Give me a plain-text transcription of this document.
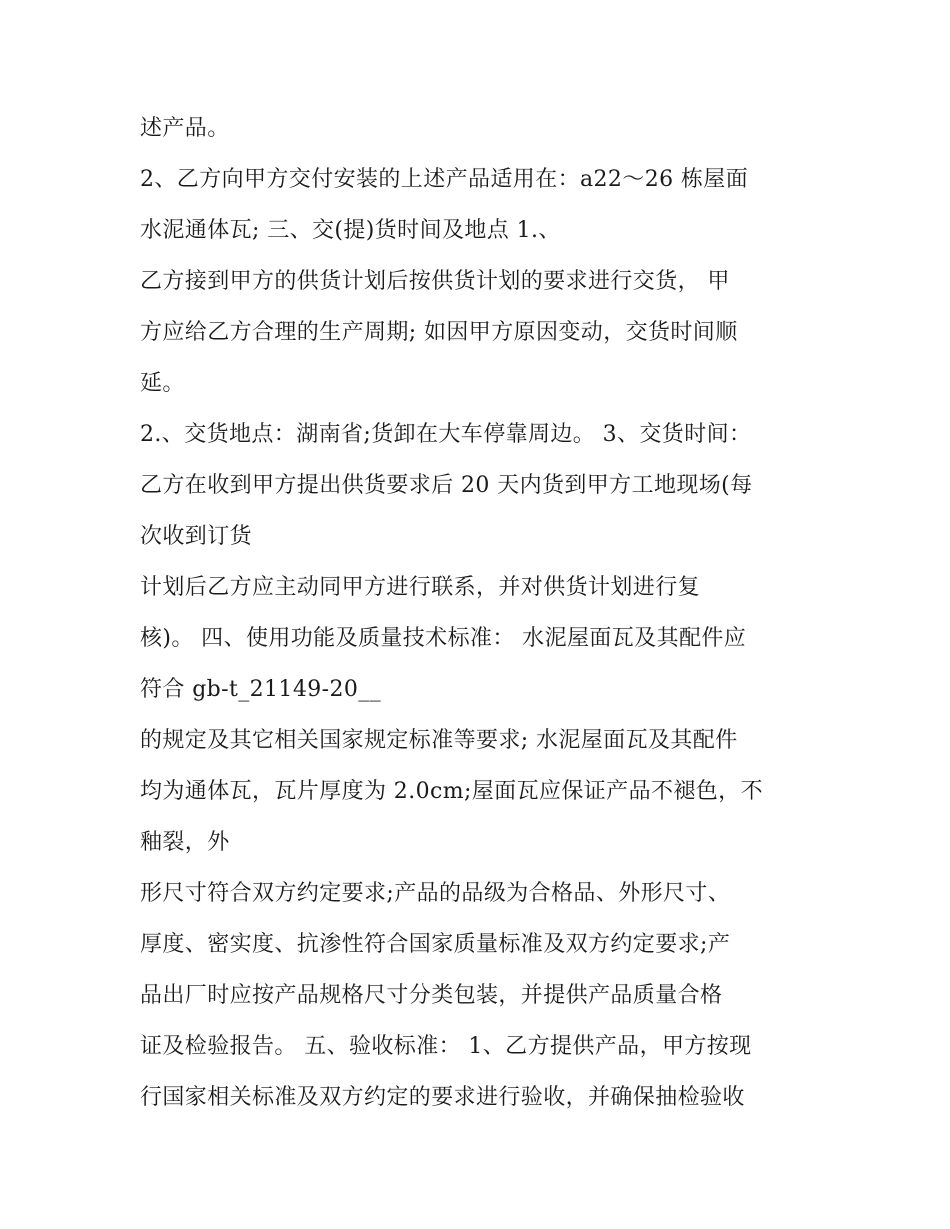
述产品。
2、乙方向甲方交付安装的上述产品适用在：a22～26 栋屋面
水泥通体瓦; 三、交(提)货时间及地点 1.、
乙方接到甲方的供货计划后按供货计划的要求进行交货， 甲
方应给乙方合理的生产周期; 如因甲方原因变动，交货时间顺
延。
2.、交货地点：湖南省;货卸在大车停靠周边。 3、交货时间：
乙方在收到甲方提出供货要求后 20 天内货到甲方工地现场(每
次收到订货
计划后乙方应主动同甲方进行联系，并对供货计划进行复
核)。 四、使用功能及质量技术标准： 水泥屋面瓦及其配件应
符合 gb-t_21149-20__
的规定及其它相关国家规定标准等要求; 水泥屋面瓦及其配件
均为通体瓦，瓦片厚度为 2.0cm;屋面瓦应保证产品不褪色，不
釉裂，外
形尺寸符合双方约定要求;产品的品级为合格品、外形尺寸、
厚度、密实度、抗渗性符合国家质量标准及双方约定要求;产
品出厂时应按产品规格尺寸分类包装，并提供产品质量合格
证及检验报告。 五、验收标准： 1、乙方提供产品，甲方按现
行国家相关标准及双方约定的要求进行验收，并确保抽检验收
